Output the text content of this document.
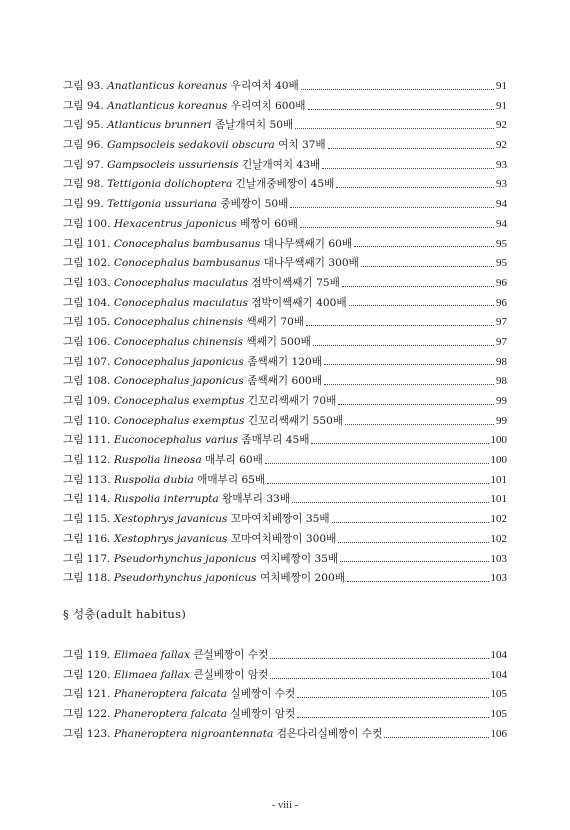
그림 93. Anatlanticus koreanus 우리여치 40배	91
그림 94. Anatlanticus koreanus 우리여치 600배	91
그림 95. Atlanticus brunneri 좀날개여치 50배	92
그림 96. Gampsocleis sedakovii obscura 여치 37배	92
그림 97. Gampsocleis ussuriensis 긴날개여치 43배	93
그림 98. Tettigonia dolichoptera 긴날개중베짱이 45배	93
그림 99. Tettigonia ussuriana 중베짱이 50배	94
그림 100. Hexacentrus japonicus 베짱이 60배	94
그림 101. Conocephalus bambusanus 대나무쌕쌔기 60배	95
그림 102. Conocephalus bambusanus 대나무쌕쌔기 300배	95
그림 103. Conocephalus maculatus 점박이쌕쌔기 75배	96
그림 104. Conocephalus maculatus 점박이쌕쌔기 400배	96
그림 105. Conocephalus chinensis 쌕쌔기 70배	97
그림 106. Conocephalus chinensis 쌕쌔기 500배	97
그림 107. Conocephalus japonicus 좀쌕쌔기 120배	98
그림 108. Conocephalus japonicus 좀쌕쌔기 600배	98
그림 109. Conocephalus exemptus 긴꼬리쌕쌔기 70배	99
그림 110. Conocephalus exemptus 긴꼬리쌕쌔기 550배	99
그림 111. Euconocephalus varius 좀매부리 45배	100
그림 112. Ruspolia lineosa 매부리 60배	100
그림 113. Ruspolia dubia 애매부리 65배	101
그림 114. Ruspolia interrupta 왕매부리 33배	101
그림 115. Xestophrys javanicus 꼬마여치베짱이 35배	102
그림 116. Xestophrys javanicus 꼬마여치베짱이 300배	102
그림 117. Pseudorhynchus japonicus 여치베짱이 35배	103
그림 118. Pseudorhynchus japonicus 여치베짱이 200배	103
§ 성충(adult habitus)
그림 119. Elimaea fallax 큰실베짱이 수컷	104
그림 120. Elimaea fallax 큰실베짱이 암컷	104
그림 121. Phaneroptera falcata 실베짱이 수컷	105
그림 122. Phaneroptera falcata 실베짱이 암컷	105
그림 123. Phaneroptera nigroantennata 검은다리실베짱이 수컷	106
- viii -
